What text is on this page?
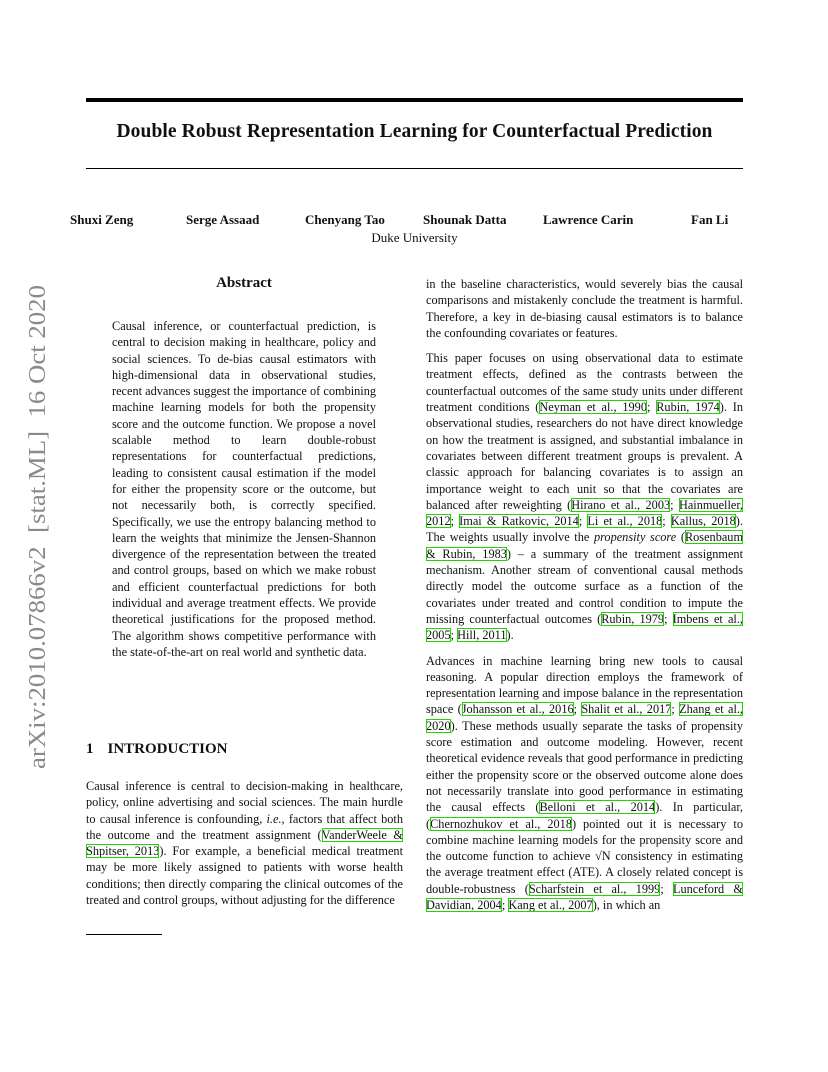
Double Robust Representation Learning for Counterfactual Prediction
Shuxi Zeng	Serge Assaad	Chenyang Tao	Shounak Datta	Lawrence Carin	Fan Li
Duke University
arXiv:2010.07866v2  [stat.ML]  16 Oct 2020
Abstract
Causal inference, or counterfactual prediction, is central to decision making in healthcare, policy and social sciences. To de-bias causal estimators with high-dimensional data in observational studies, recent advances suggest the importance of combining machine learning models for both the propensity score and the outcome function. We propose a novel scalable method to learn double-robust representations for counterfactual predictions, leading to consistent causal estimation if the model for either the propensity score or the outcome, but not necessarily both, is correctly specified. Specifically, we use the entropy balancing method to learn the weights that minimize the Jensen-Shannon divergence of the representation between the treated and control groups, based on which we make robust and efficient counterfactual predictions for both individual and average treatment effects. We provide theoretical justifications for the proposed method. The algorithm shows competitive performance with the state-of-the-art on real world and synthetic data.
1 INTRODUCTION

Causal inference is central to decision-making in healthcare, policy, online advertising and social sciences. The main hurdle to causal inference is confounding, i.e., factors that affect both the outcome and the treatment assignment (VanderWeele & Shpitser, 2013). For example, a beneficial medical treatment may be more likely assigned to patients with worse health conditions; then directly comparing the clinical outcomes of the treated and control groups, without adjusting for the difference

in the baseline characteristics, would severely bias the causal comparisons and mistakenly conclude the treatment is harmful. Therefore, a key in de-biasing causal estimators is to balance the confounding covariates or features.

This paper focuses on using observational data to estimate treatment effects, defined as the contrasts between the counterfactual outcomes of the same study units under different treatment conditions (Neyman et al., 1990; Rubin, 1974). In observational studies, researchers do not have direct knowledge on how the treatment is assigned, and substantial imbalance in covariates between different treatment groups is prevalent. A classic approach for balancing covariates is to assign an importance weight to each unit so that the covariates are balanced after reweighting (Hirano et al., 2003; Hainmueller, 2012; Imai & Ratkovic, 2014; Li et al., 2018; Kallus, 2018). The weights usually involve the propensity score (Rosenbaum & Rubin, 1983) – a summary of the treatment assignment mechanism. Another stream of conventional causal methods directly model the outcome surface as a function of the covariates under treated and control condition to impute the missing counterfactual outcomes (Rubin, 1979; Imbens et al., 2005; Hill, 2011).

Advances in machine learning bring new tools to causal reasoning. A popular direction employs the framework of representation learning and impose balance in the representation space (Johansson et al., 2016; Shalit et al., 2017; Zhang et al., 2020). These methods usually separate the tasks of propensity score estimation and outcome modeling. However, recent theoretical evidence reveals that good performance in predicting either the propensity score or the observed outcome alone does not necessarily translate into good performance in estimating the causal effects (Belloni et al., 2014). In particular, (Chernozhukov et al., 2018) pointed out it is necessary to combine machine learning models for the propensity score and the outcome function to achieve √N consistency in estimating the average treatment effect (ATE). A closely related concept is double-robustness (Scharfstein et al., 1999; Lunceford & Davidian, 2004; Kang et al., 2007), in which an
